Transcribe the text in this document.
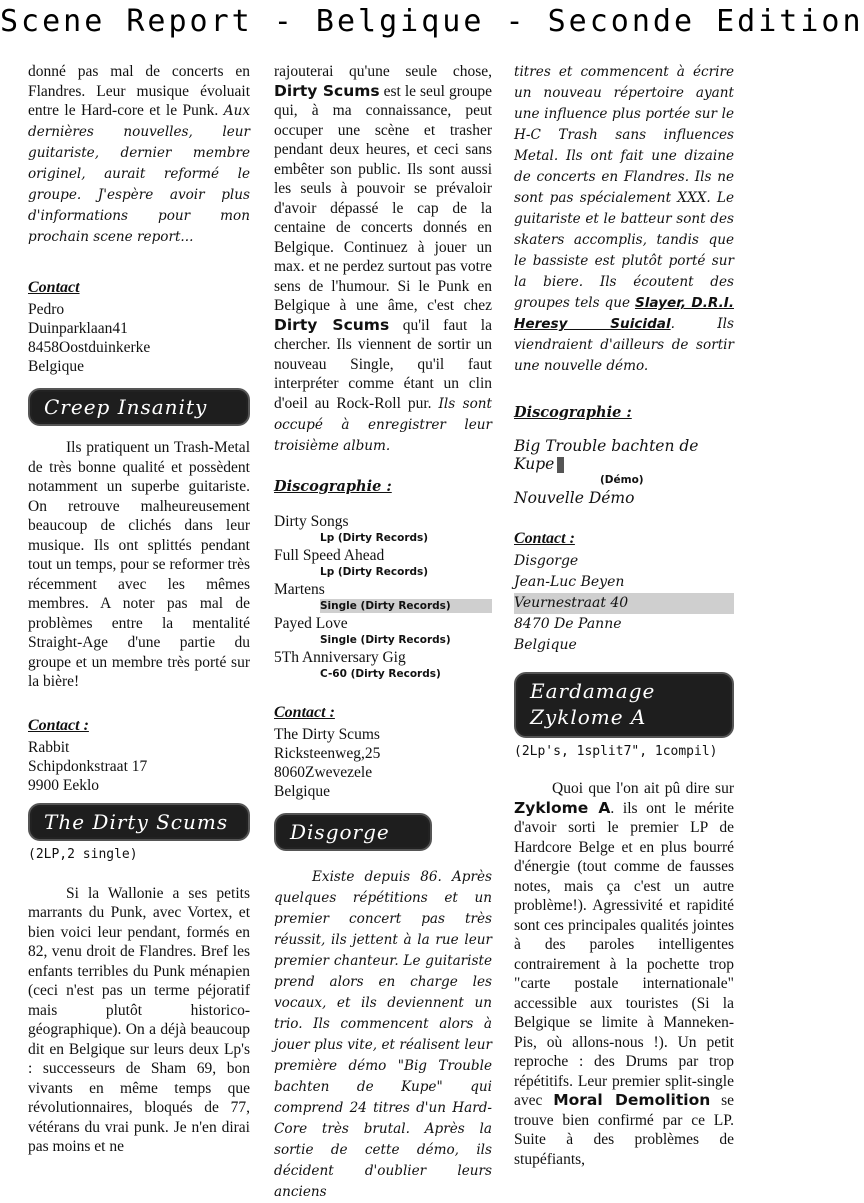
Scene Report - Belgique - Seconde Edition

donné pas mal de concerts en Flandres. Leur musique évoluait entre le Hard-core et le Punk. Aux dernières nouvelles, leur guitariste, dernier membre originel, aurait reformé le groupe. J'espère avoir plus d'informations pour mon prochain scene report...

Contact

Pedro

Duinparklaan41

8458Oostduinkerke

Belgique

Creep Insanity

Ils pratiquent un Trash-Metal de très bonne qualité et possèdent notamment un superbe guitariste. On retrouve malheureusement beaucoup de clichés dans leur musique. Ils ont splittés pendant tout un temps, pour se reformer très récemment avec les mêmes membres. A noter pas mal de problèmes entre la mentalité Straight-Age d'une partie du groupe et un membre très porté sur la bière!

Contact :

Rabbit

Schipdonkstraat 17

9900 Eeklo

The Dirty Scums
(2LP,2 single)

Si la Wallonie a ses petits marrants du Punk, avec Vortex, et bien voici leur pendant, formés en 82, venu droit de Flandres. Bref les enfants terribles du Punk ménapien (ceci n'est pas un terme péjoratif mais plutôt historico-géographique). On a déjà beaucoup dit en Belgique sur leurs deux Lp's : successeurs de Sham 69, bon vivants en même temps que révolutionnaires, bloqués de 77, vétérans du vrai punk. Je n'en dirai pas moins et ne

rajouterai qu'une seule chose, Dirty Scums est le seul groupe qui, à ma connaissance, peut occuper une scène et trasher pendant deux heures, et ceci sans embêter son public. Ils sont aussi les seuls à pouvoir se prévaloir d'avoir dépassé le cap de la centaine de concerts donnés en Belgique. Continuez à jouer un max. et ne perdez surtout pas votre sens de l'humour. Si le Punk en Belgique à une âme, c'est chez Dirty Scums qu'il faut la chercher. Ils viennent de sortir un nouveau Single, qu'il faut interpréter comme étant un clin d'oeil au Rock-Roll pur. Ils sont occupé à enregistrer leur troisième album.

Discographie :

Dirty Songs

Lp (Dirty Records)

Full Speed Ahead

Lp (Dirty Records)

Martens

Single (Dirty Records)

Payed Love

Single (Dirty Records)

5Th Anniversary Gig

C-60 (Dirty Records)

Contact :

The Dirty Scums

Ricksteenweg,25

8060Zwevezele

Belgique

Disgorge

Existe depuis 86. Après quelques répétitions et un premier concert pas très réussit, ils jettent à la rue leur premier chanteur. Le guitariste prend alors en charge les vocaux, et ils deviennent un trio. Ils commencent alors à jouer plus vite, et réalisent leur première démo "Big Trouble bachten de Kupe" qui comprend 24 titres d'un Hard-Core très brutal. Après la sortie de cette démo, ils décident d'oublier leurs anciens

titres et commencent à écrire un nouveau répertoire ayant une influence plus portée sur le H-C Trash sans influences Metal. Ils ont fait une dizaine de concerts en Flandres. Ils ne sont pas spécialement XXX. Le guitariste et le batteur sont des skaters accomplis, tandis que le bassiste est plutôt porté sur la biere. Ils écoutent des groupes tels que Slayer, D.R.I. Heresy Suicidal. Ils viendraient d'ailleurs de sortir une nouvelle démo.

Discographie :

Big Trouble bachten de Kupe

(Démo)

Nouvelle Démo

Contact :

Disgorge

Jean-Luc Beyen

Veurnestraat 40

8470 De Panne

Belgique

Eardamage
Zyklome A
(2Lp's, 1split7", 1compil)

Quoi que l'on ait pû dire sur Zyklome A. ils ont le mérite d'avoir sorti le premier LP de Hardcore Belge et en plus bourré d'énergie (tout comme de fausses notes, mais ça c'est un autre problème!). Agressivité et rapidité sont ces principales qualités jointes à des paroles intelligentes contrairement à la pochette trop "carte postale internationale" accessible aux touristes (Si la Belgique se limite à Manneken-Pis, où allons-nous !). Un petit reproche : des Drums par trop répétitifs. Leur premier split-single avec Moral Demolition se trouve bien confirmé par ce LP. Suite à des problèmes de stupéfiants,
